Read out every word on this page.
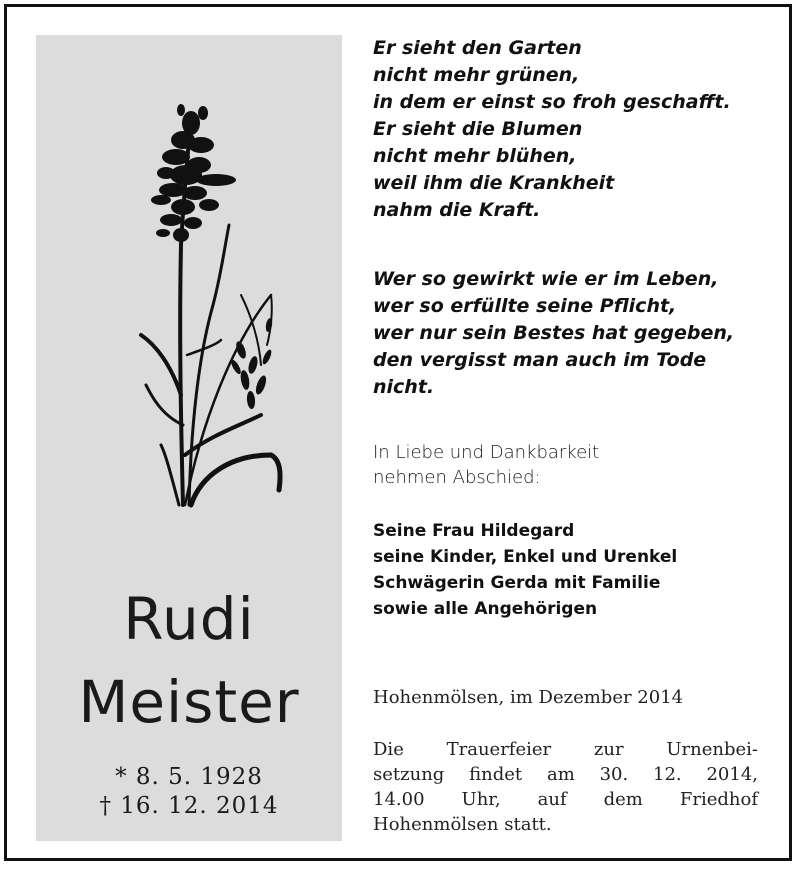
Rudi
Meister
* 8. 5. 1928
† 16. 12. 2014

Er sieht den Garten

nicht mehr grünen,

in dem er einst so froh geschafft.

Er sieht die Blumen

nicht mehr blühen,

weil ihm die Krankheit

nahm die Kraft.

Wer so gewirkt wie er im Leben,

wer so erfüllte seine Pflicht,

wer nur sein Bestes hat gegeben,

den vergisst man auch im Tode

nicht.

In Liebe und Dankbarkeit

nehmen Abschied:

Seine Frau Hildegard

seine Kinder, Enkel und Urenkel

Schwägerin Gerda mit Familie

sowie alle Angehörigen

Hohenmölsen, im Dezember 2014

Die Trauerfeier zur Urnenbei-

setzung findet am 30. 12. 2014,

14.00 Uhr, auf dem Friedhof

Hohenmölsen statt.
